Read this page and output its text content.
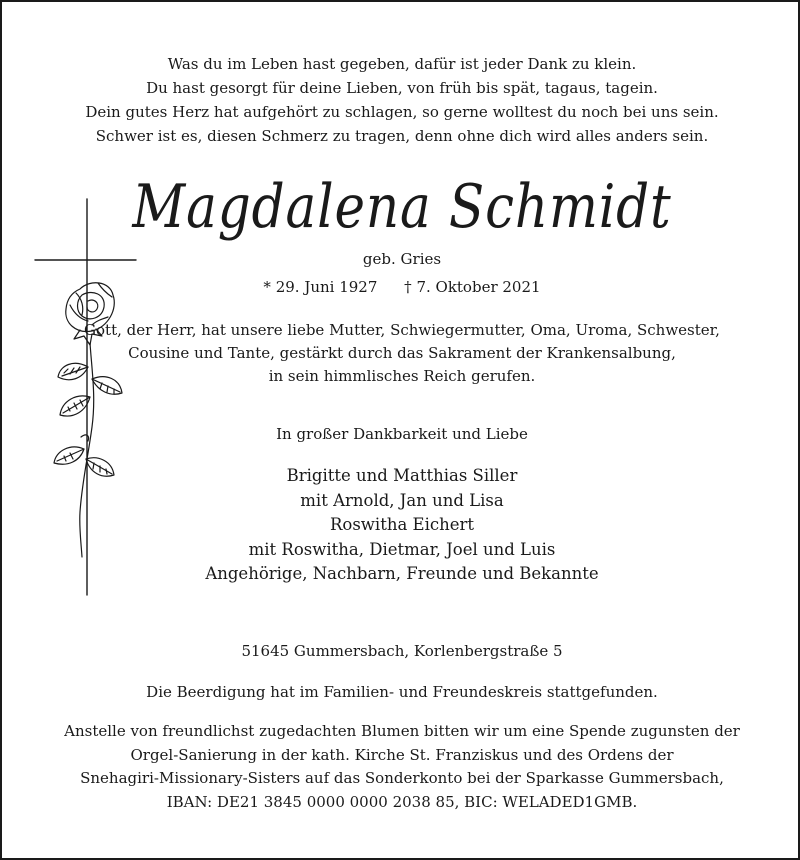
Was du im Leben hast gegeben, dafür ist jeder Dank zu klein.
Du hast gesorgt für deine Lieben, von früh bis spät, tagaus, tagein.
Dein gutes Herz hat aufgehört zu schlagen, so gerne wolltest du noch bei uns sein.
Schwer ist es, diesen Schmerz zu tragen, denn ohne dich wird alles anders sein.
Magdalena Schmidt
geb. Gries
* 29. Juni 1927 † 7. Oktober 2021
Gott, der Herr, hat unsere liebe Mutter, Schwiegermutter, Oma, Uroma, Schwester,
Cousine und Tante, gestärkt durch das Sakrament der Krankensalbung,
in sein himmlisches Reich gerufen.
In großer Dankbarkeit und Liebe
Brigitte und Matthias Siller
mit Arnold, Jan und Lisa
Roswitha Eichert
mit Roswitha, Dietmar, Joel und Luis
Angehörige, Nachbarn, Freunde und Bekannte
51645 Gummersbach, Korlenbergstraße 5
Die Beerdigung hat im Familien- und Freundeskreis stattgefunden.
Anstelle von freundlichst zugedachten Blumen bitten wir um eine Spende zugunsten der
Orgel-Sanierung in der kath. Kirche St. Franziskus und des Ordens der
Snehagiri-Missionary-Sisters auf das Sonderkonto bei der Sparkasse Gummersbach,
IBAN: DE21 3845 0000 0000 2038 85, BIC: WELADED1GMB.
